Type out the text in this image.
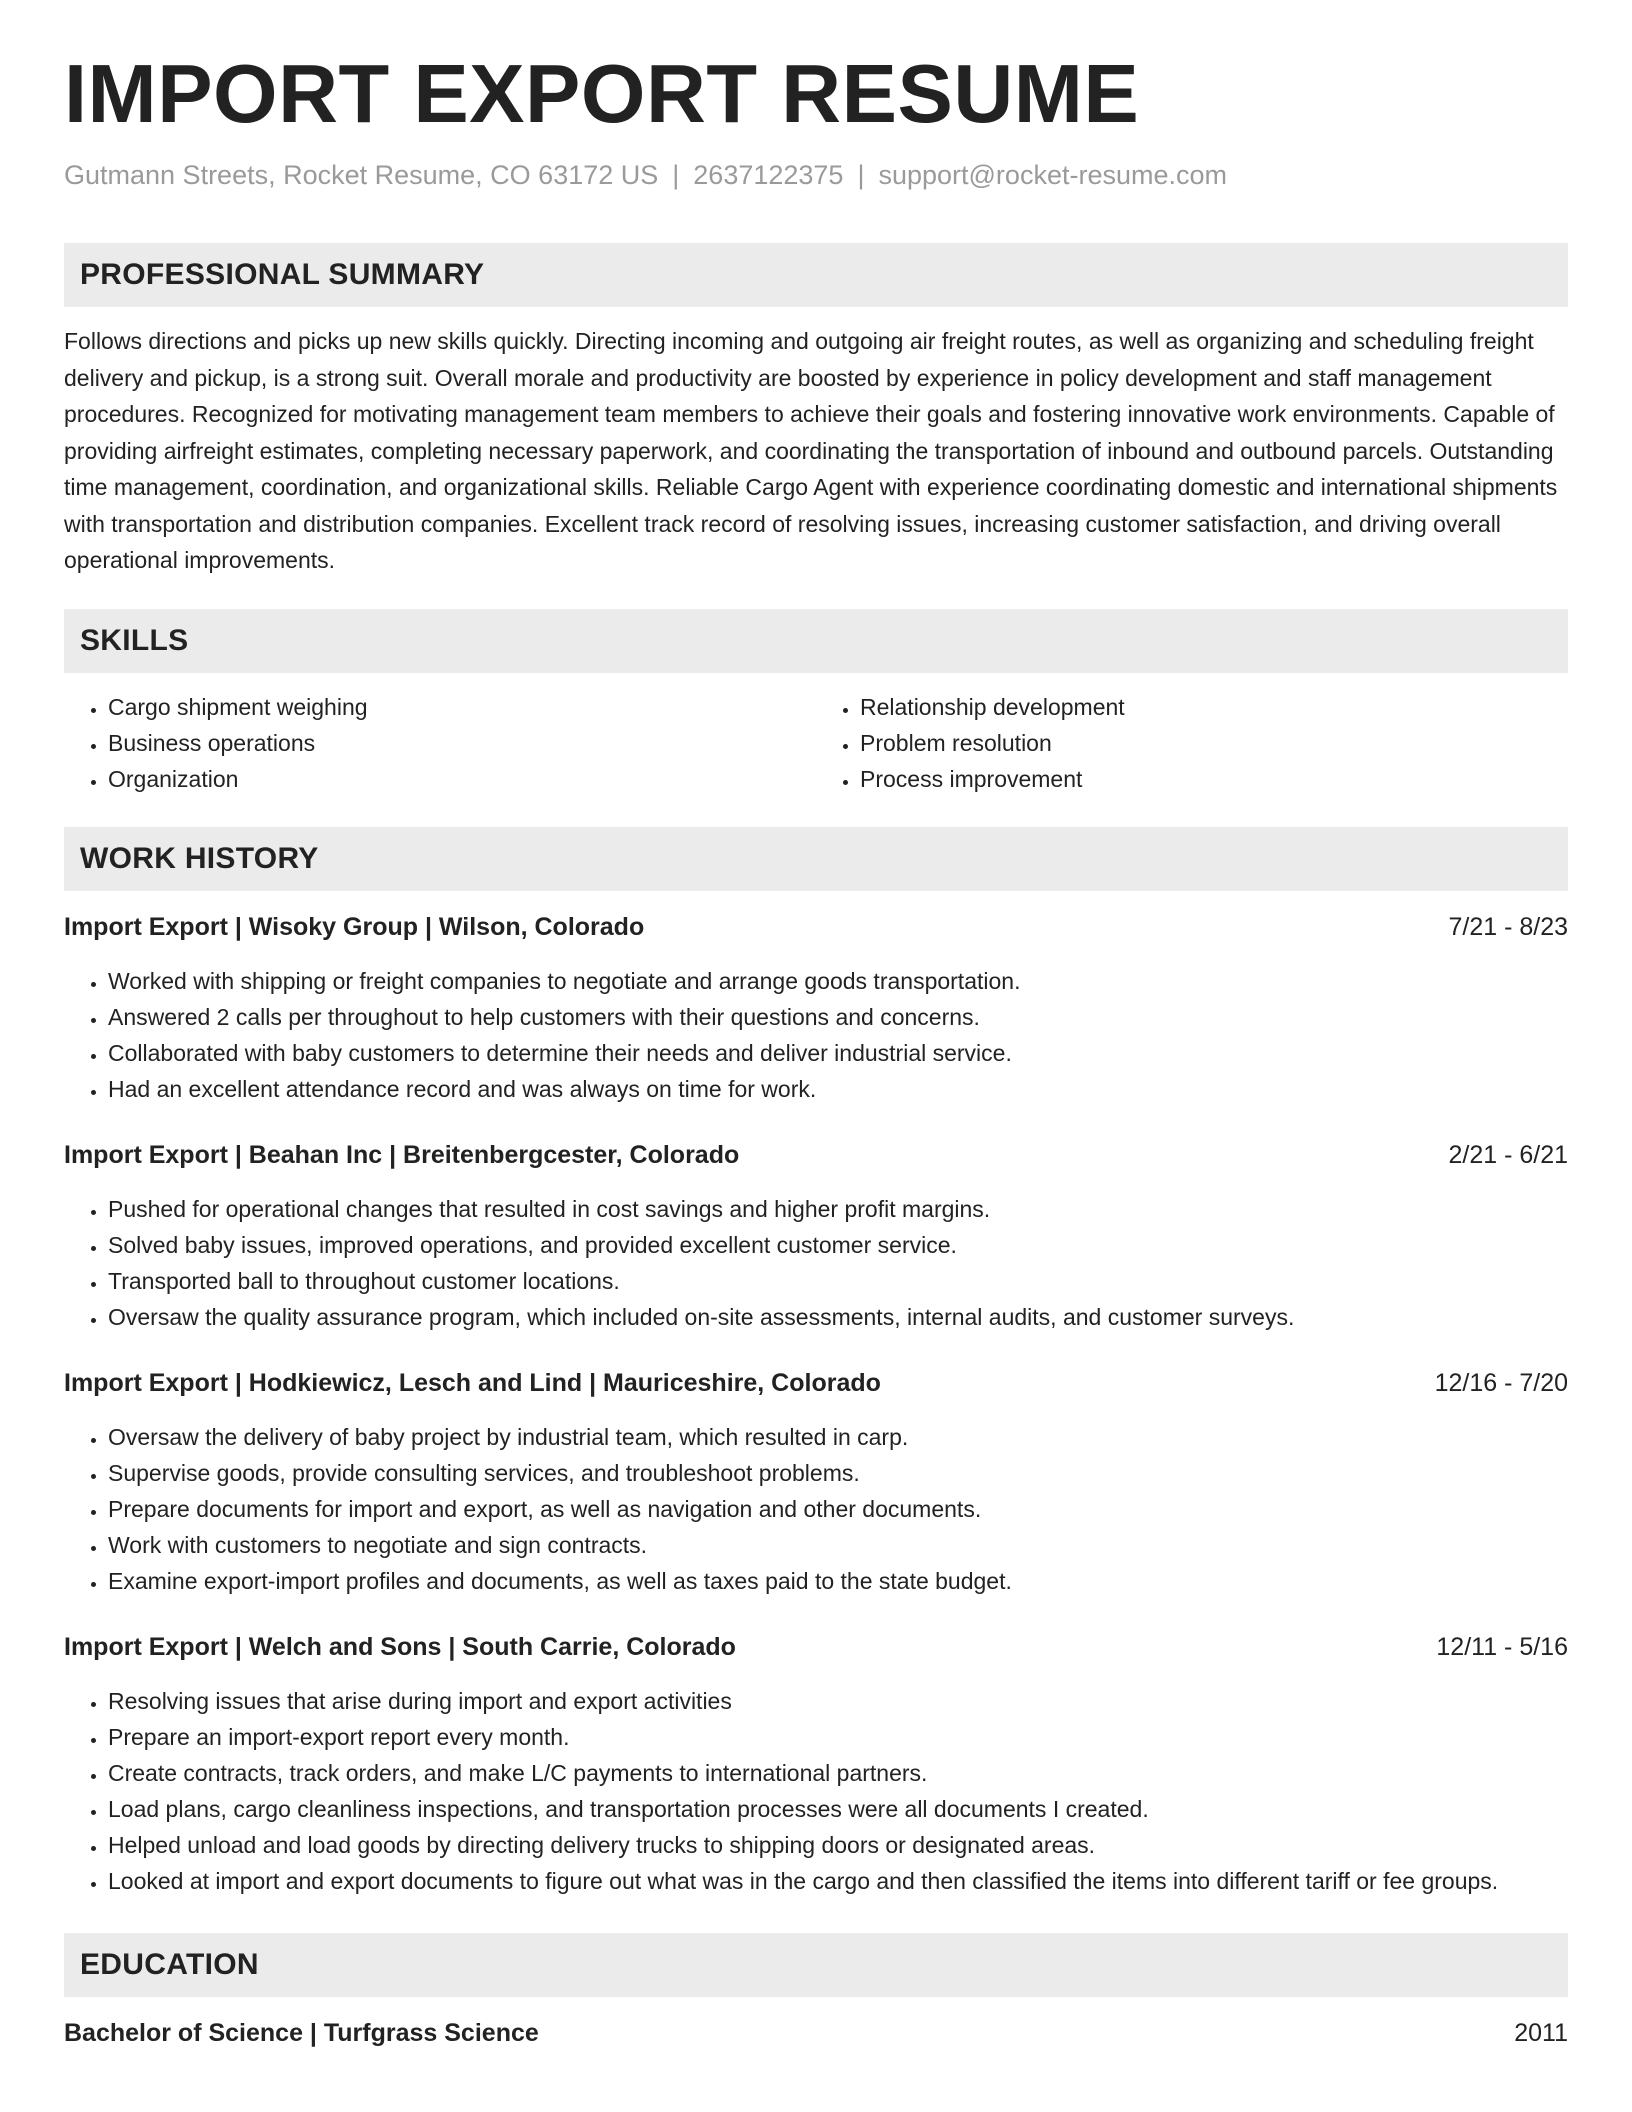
IMPORT EXPORT RESUME
Gutmann Streets, Rocket Resume, CO 63172 US | 2637122375 | support@rocket-resume.com
PROFESSIONAL SUMMARY

Follows directions and picks up new skills quickly. Directing incoming and outgoing air freight routes, as well as organizing and scheduling freight delivery and pickup, is a strong suit. Overall morale and productivity are boosted by experience in policy development and staff management procedures. Recognized for motivating management team members to achieve their goals and fostering innovative work environments. Capable of providing airfreight estimates, completing necessary paperwork, and coordinating the transportation of inbound and outbound parcels. Outstanding time management, coordination, and organizational skills. Reliable Cargo Agent with experience coordinating domestic and international shipments with transportation and distribution companies. Excellent track record of resolving issues, increasing customer satisfaction, and driving overall operational improvements.

SKILLS
• Cargo shipment weighing
• Business operations
• Organization
• Relationship development
• Problem resolution
• Process improvement
WORK HISTORY
Import Export | Wisoky Group | Wilson, Colorado	7/21 - 8/23
• Worked with shipping or freight companies to negotiate and arrange goods transportation.
• Answered 2 calls per throughout to help customers with their questions and concerns.
• Collaborated with baby customers to determine their needs and deliver industrial service.
• Had an excellent attendance record and was always on time for work.
Import Export | Beahan Inc | Breitenbergcester, Colorado	2/21 - 6/21
• Pushed for operational changes that resulted in cost savings and higher profit margins.
• Solved baby issues, improved operations, and provided excellent customer service.
• Transported ball to throughout customer locations.
• Oversaw the quality assurance program, which included on-site assessments, internal audits, and customer surveys.
Import Export | Hodkiewicz, Lesch and Lind | Mauriceshire, Colorado	12/16 - 7/20
• Oversaw the delivery of baby project by industrial team, which resulted in carp.
• Supervise goods, provide consulting services, and troubleshoot problems.
• Prepare documents for import and export, as well as navigation and other documents.
• Work with customers to negotiate and sign contracts.
• Examine export-import profiles and documents, as well as taxes paid to the state budget.
Import Export | Welch and Sons | South Carrie, Colorado	12/11 - 5/16
• Resolving issues that arise during import and export activities
• Prepare an import-export report every month.
• Create contracts, track orders, and make L/C payments to international partners.
• Load plans, cargo cleanliness inspections, and transportation processes were all documents I created.
• Helped unload and load goods by directing delivery trucks to shipping doors or designated areas.
• Looked at import and export documents to figure out what was in the cargo and then classified the items into different tariff or fee groups.
EDUCATION
Bachelor of Science | Turfgrass Science	2011
